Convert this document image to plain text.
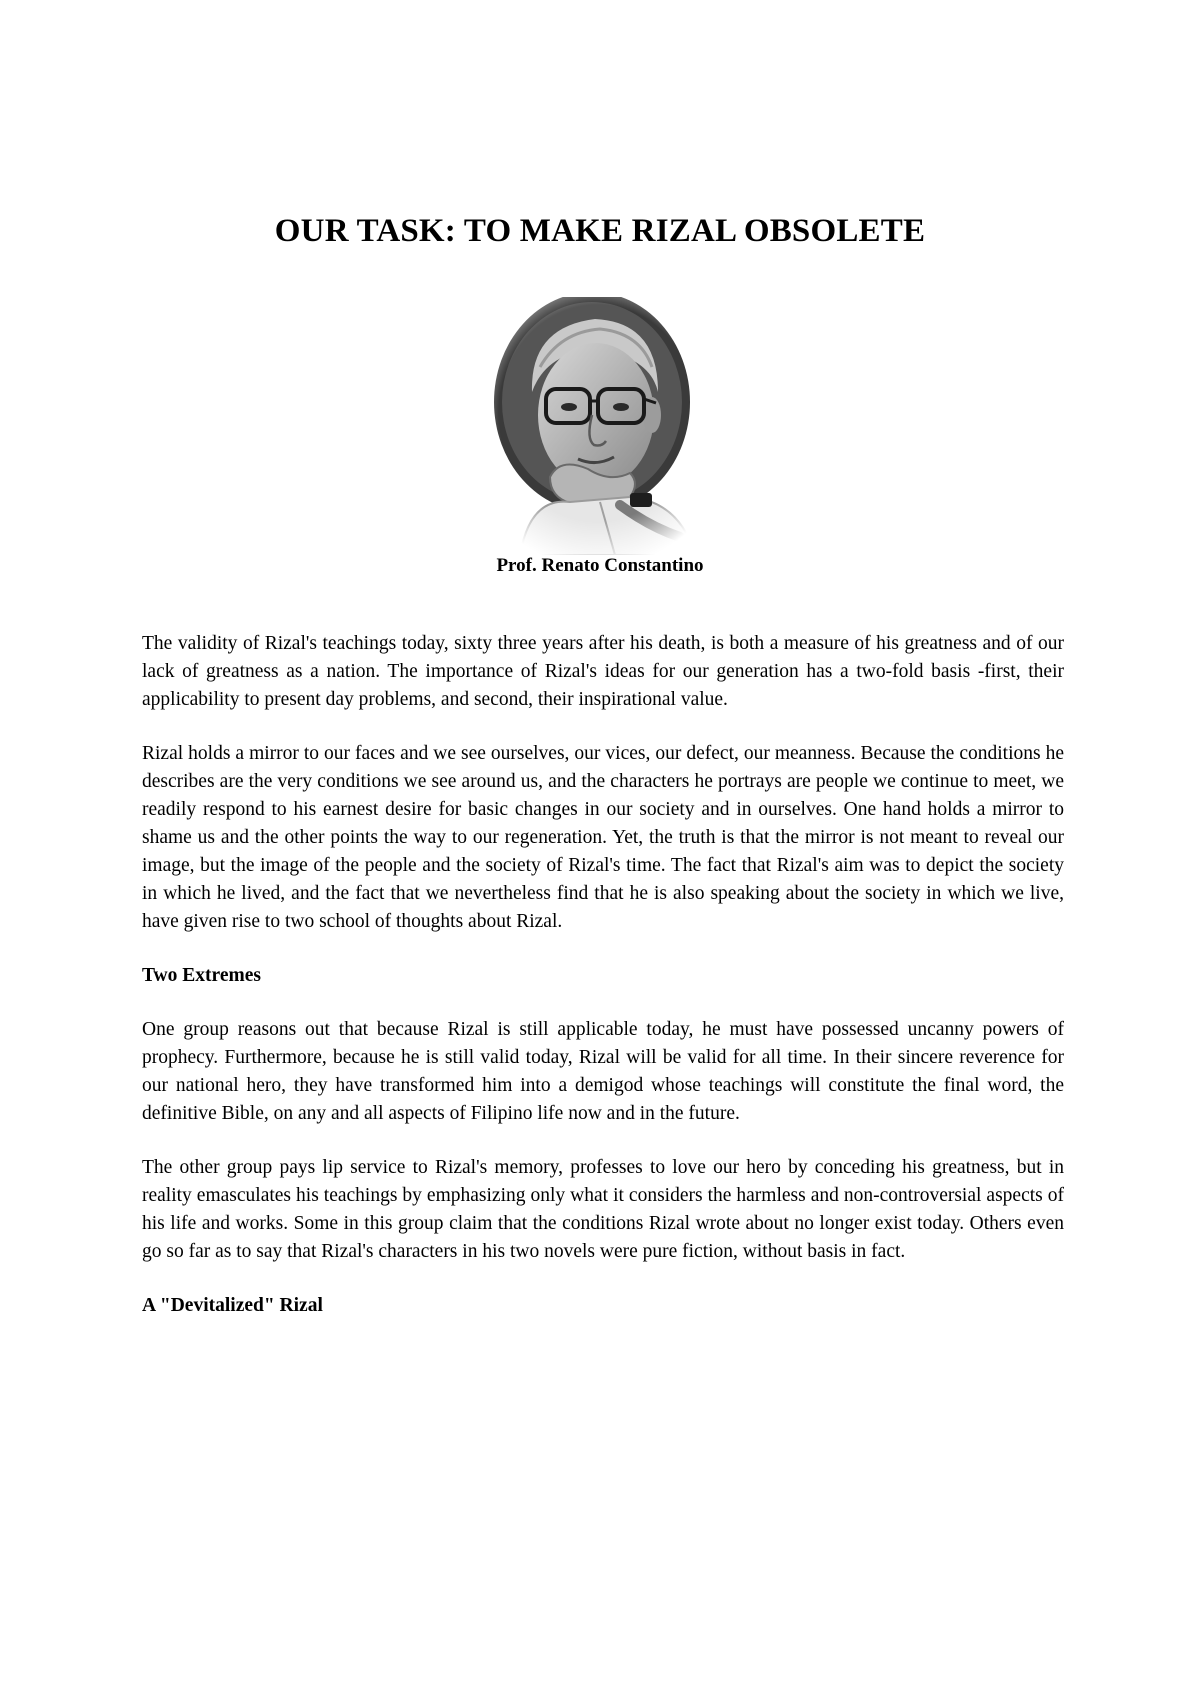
OUR TASK: TO MAKE RIZAL OBSOLETE

Prof. Renato Constantino

The validity of Rizal's teachings today, sixty three years after his death, is both a measure of his greatness and of our lack of greatness as a nation. The importance of Rizal's ideas for our generation has a two-fold basis -first, their applicability to present day problems, and second, their inspirational value.

Rizal holds a mirror to our faces and we see ourselves, our vices, our defect, our meanness. Because the conditions he describes are the very conditions we see around us, and the characters he portrays are people we continue to meet, we readily respond to his earnest desire for basic changes in our society and in ourselves. One hand holds a mirror to shame us and the other points the way to our regeneration. Yet, the truth is that the mirror is not meant to reveal our image, but the image of the people and the society of Rizal's time. The fact that Rizal's aim was to depict the society in which he lived, and the fact that we nevertheless find that he is also speaking about the society in which we live, have given rise to two school of thoughts about Rizal.

Two Extremes

One group reasons out that because Rizal is still applicable today, he must have possessed uncanny powers of prophecy. Furthermore, because he is still valid today, Rizal will be valid for all time. In their sincere reverence for our national hero, they have transformed him into a demigod whose teachings will constitute the final word, the definitive Bible, on any and all aspects of Filipino life now and in the future.

The other group pays lip service to Rizal's memory, professes to love our hero by conceding his greatness, but in reality emasculates his teachings by emphasizing only what it considers the harmless and non-controversial aspects of his life and works. Some in this group claim that the conditions Rizal wrote about no longer exist today. Others even go so far as to say that Rizal's characters in his two novels were pure fiction, without basis in fact.

A "Devitalized" Rizal
